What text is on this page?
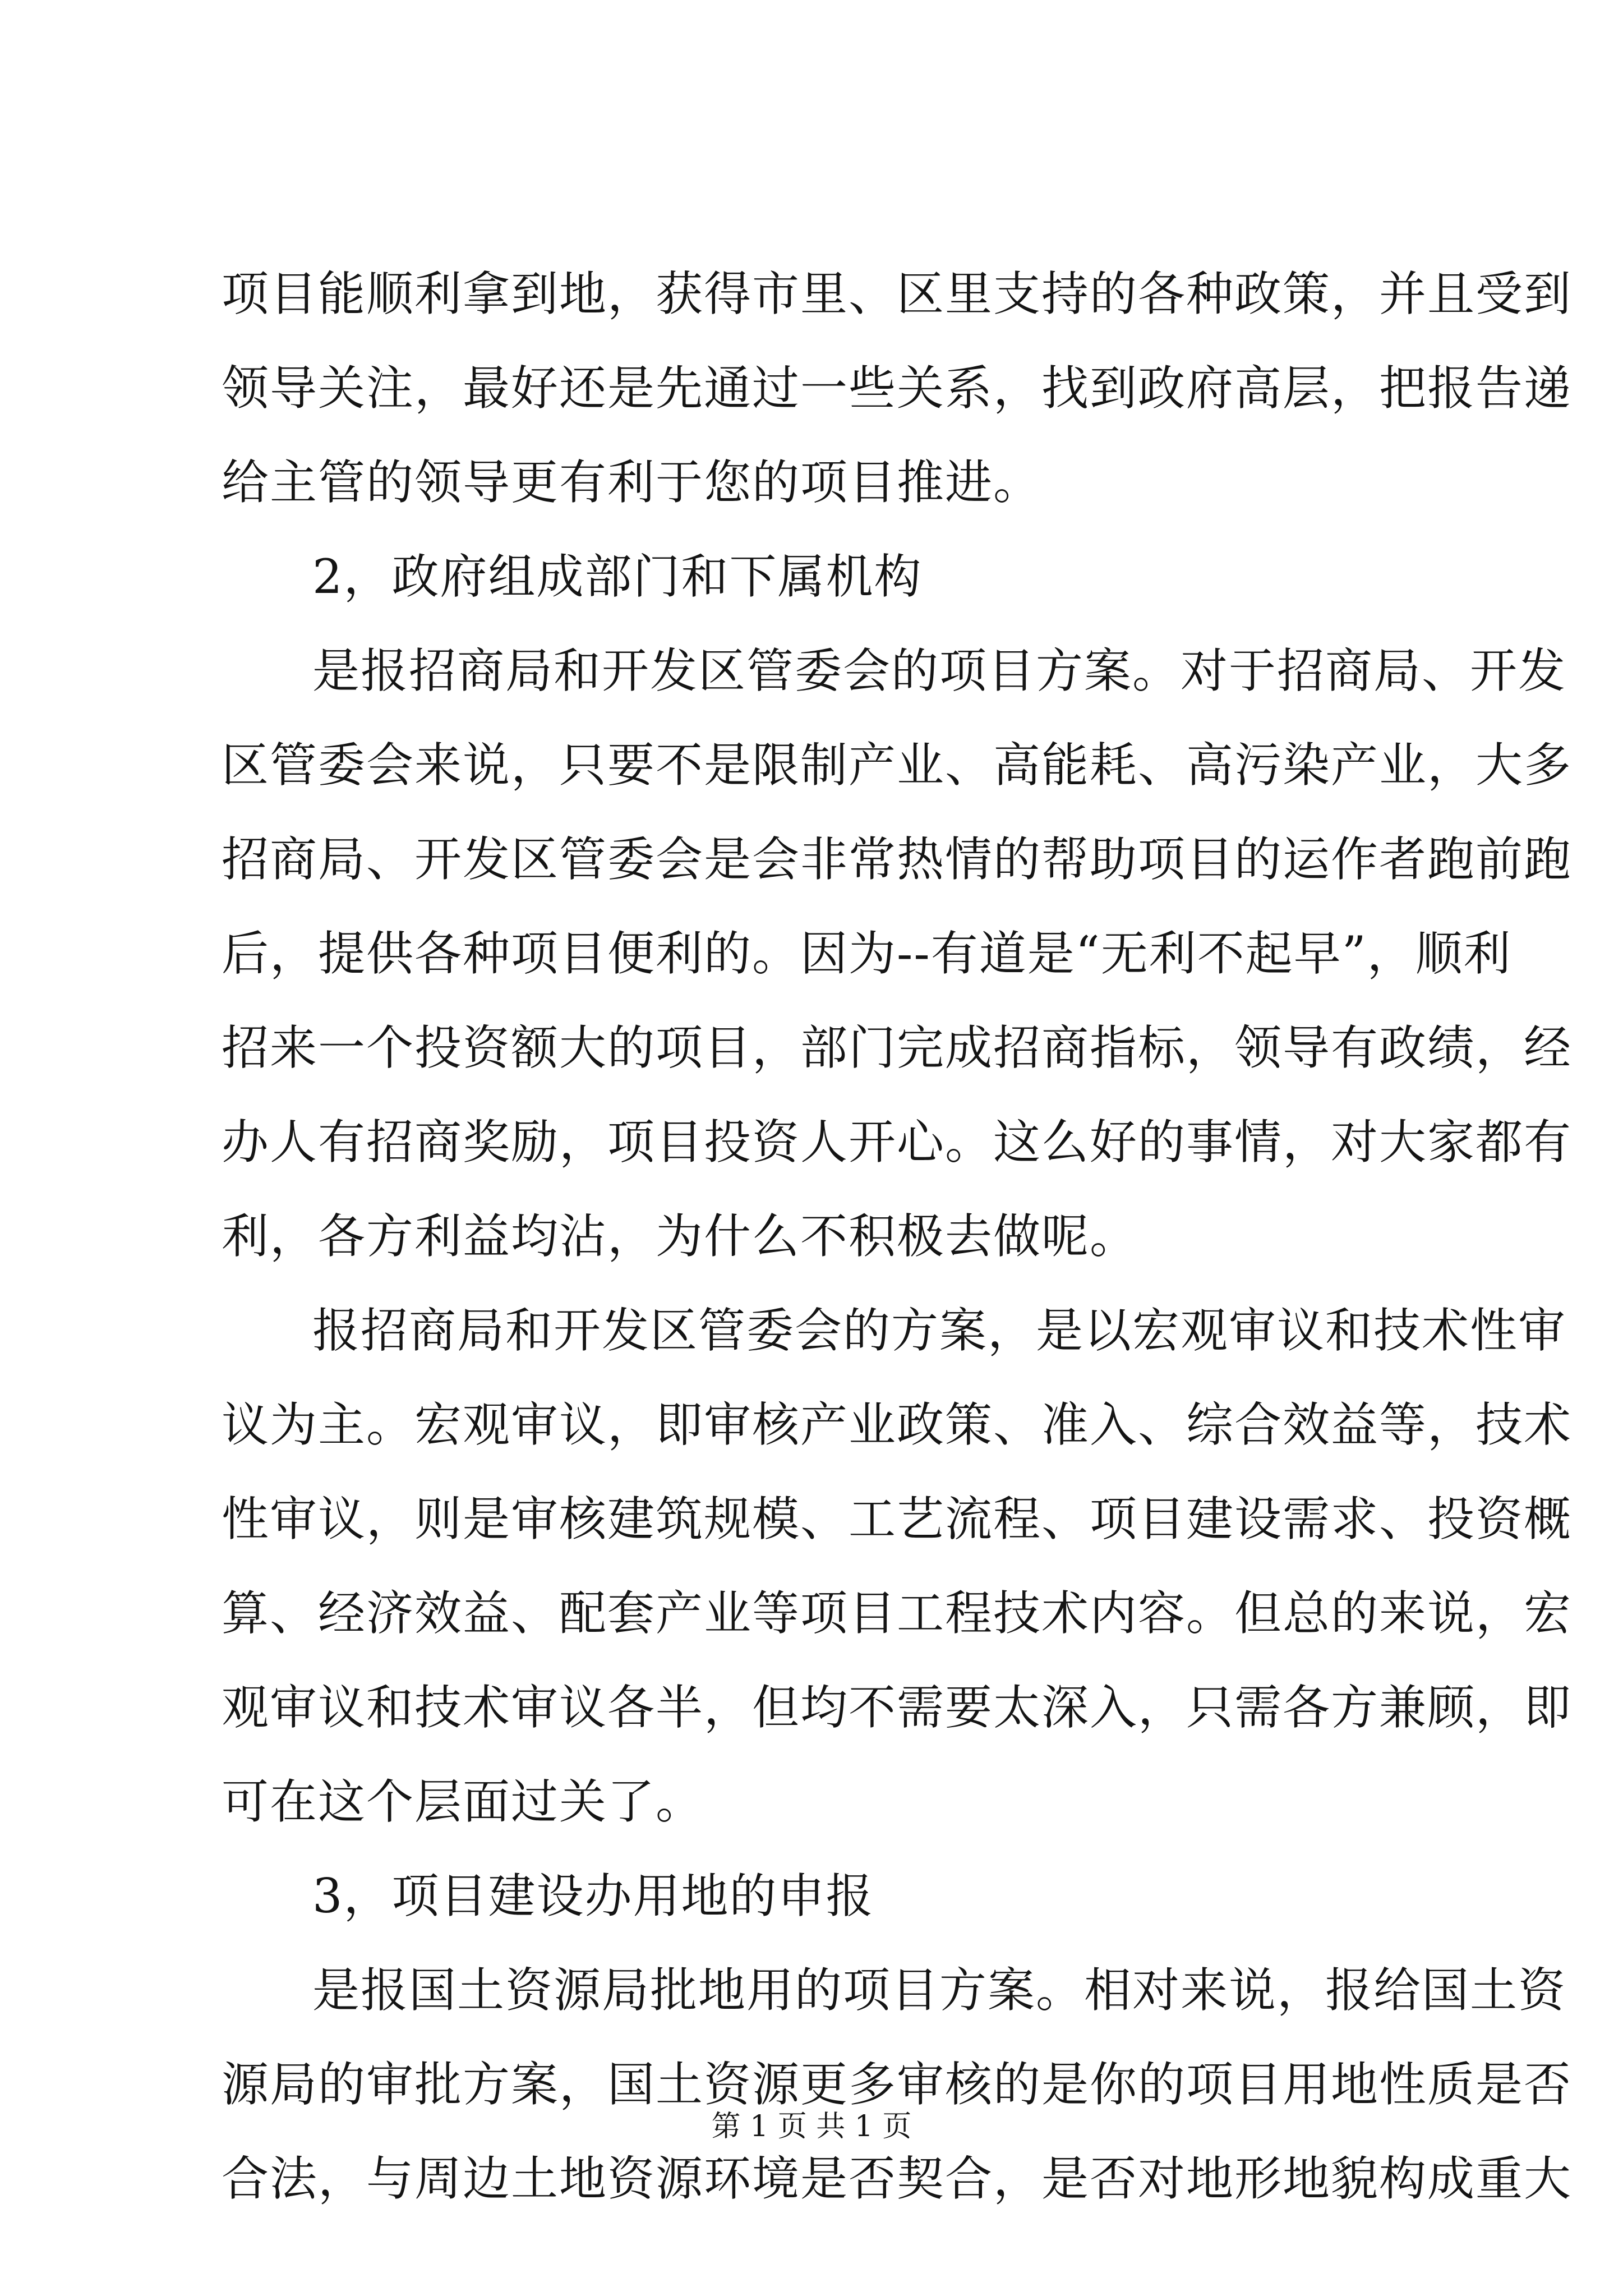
项目能顺利拿到地，获得市里、区里支持的各种政策，并且受到
领导关注，最好还是先通过一些关系，找到政府高层，把报告递
给主管的领导更有利于您的项目推进。
2，政府组成部门和下属机构
是报招商局和开发区管委会的项目方案。对于招商局、开发
区管委会来说，只要不是限制产业、高能耗、高污染产业，大多
招商局、开发区管委会是会非常热情的帮助项目的运作者跑前跑
后，提供各种项目便利的。因为--有道是“无利不起早”，顺利
招来一个投资额大的项目，部门完成招商指标，领导有政绩，经
办人有招商奖励，项目投资人开心。这么好的事情，对大家都有
利，各方利益均沾，为什么不积极去做呢。
报招商局和开发区管委会的方案，是以宏观审议和技术性审
议为主。宏观审议，即审核产业政策、准入、综合效益等，技术
性审议，则是审核建筑规模、工艺流程、项目建设需求、投资概
算、经济效益、配套产业等项目工程技术内容。但总的来说，宏
观审议和技术审议各半，但均不需要太深入，只需各方兼顾，即
可在这个层面过关了。
3，项目建设办用地的申报
是报国土资源局批地用的项目方案。相对来说，报给国土资
源局的审批方案，国土资源更多审核的是你的项目用地性质是否
合法，与周边土地资源环境是否契合，是否对地形地貌构成重大
第 1 页 共 1 页
